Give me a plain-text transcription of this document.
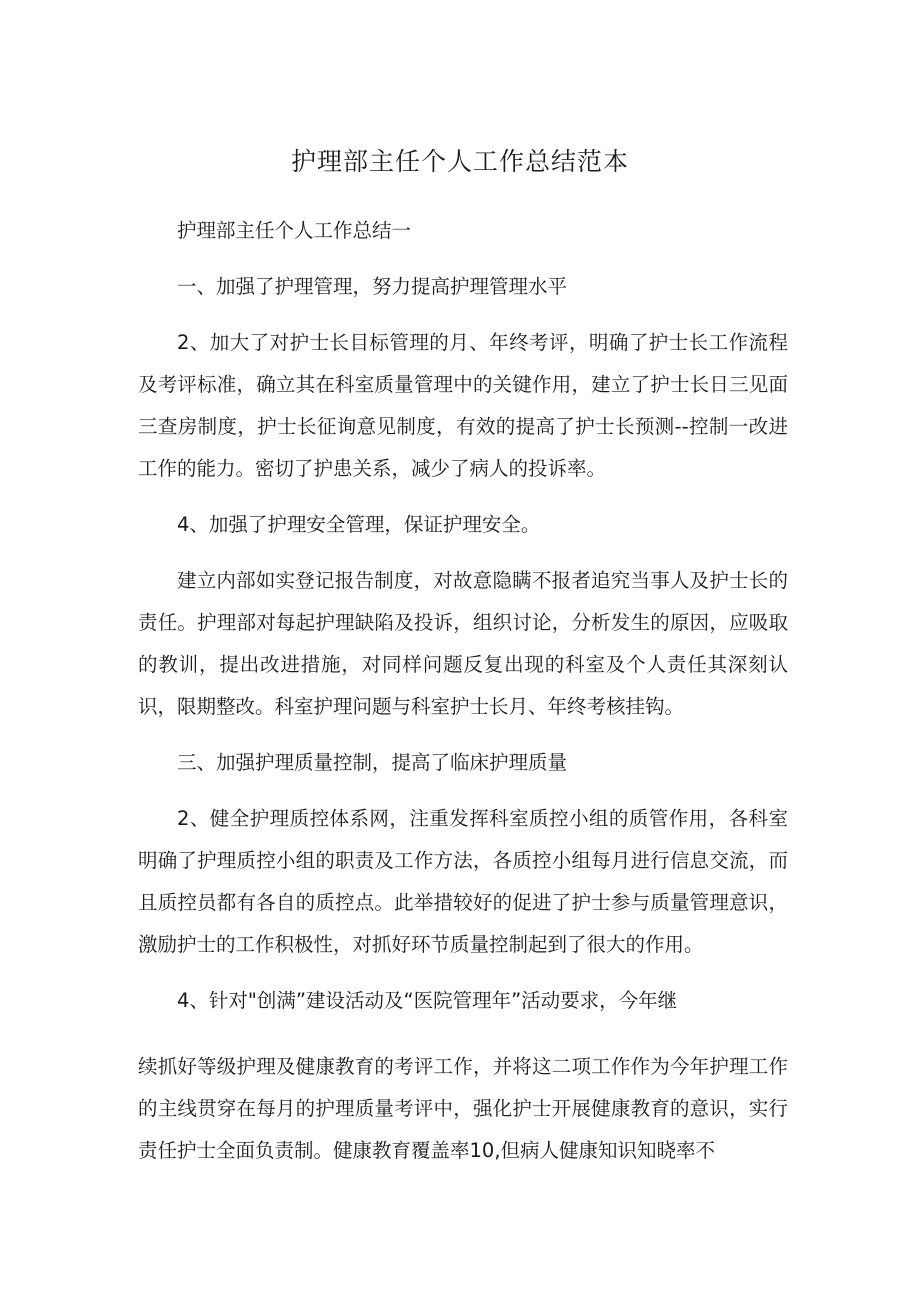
护理部主任个人工作总结范本

护理部主任个人工作总结一

一、加强了护理管理，努力提高护理管理水平

2、加大了对护士长目标管理的月、年终考评，明确了护士长工作流程及考评标准，确立其在科室质量管理中的关键作用，建立了护士长日三见面三查房制度，护士长征询意见制度，有效的提高了护士长预测--控制一改进工作的能力。密切了护患关系，减少了病人的投诉率。

4、加强了护理安全管理，保证护理安全。

建立内部如实登记报告制度，对故意隐瞒不报者追究当事人及护士长的责任。护理部对每起护理缺陷及投诉，组织讨论，分析发生的原因，应吸取的教训，提出改进措施，对同样问题反复出现的科室及个人责任其深刻认识，限期整改。科室护理问题与科室护士长月、年终考核挂钩。

三、加强护理质量控制，提高了临床护理质量

2、健全护理质控体系网，注重发挥科室质控小组的质管作用，各科室明确了护理质控小组的职责及工作方法，各质控小组每月进行信息交流，而且质控员都有各自的质控点。此举措较好的促进了护士参与质量管理意识，激励护士的工作积极性，对抓好环节质量控制起到了很大的作用。

4、针对"创满”建设活动及“医院管理年”活动要求，今年继

续抓好等级护理及健康教育的考评工作，并将这二项工作作为今年护理工作的主线贯穿在每月的护理质量考评中，强化护士开展健康教育的意识，实行责任护士全面负责制。健康教育覆盖率10,但病人健康知识知晓率不
